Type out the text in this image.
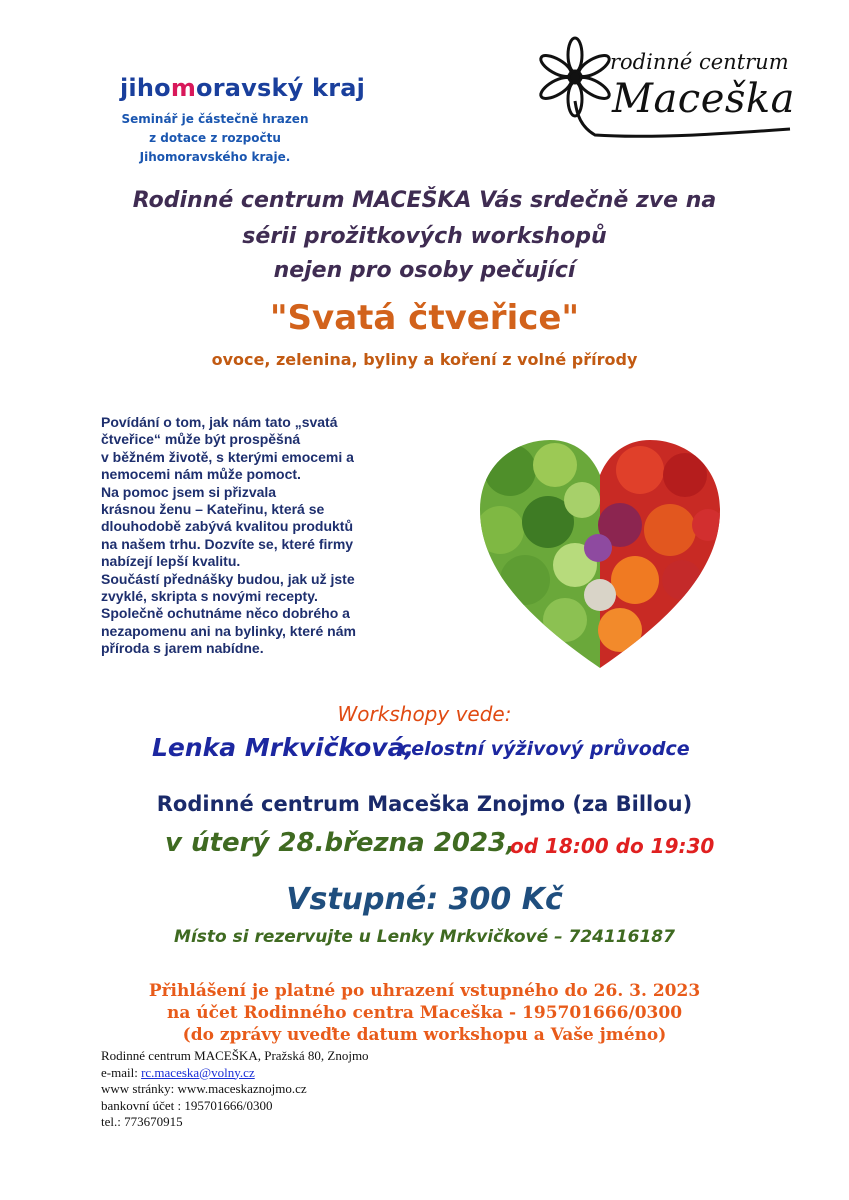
jihomoravský kraj
Seminář je částečně hrazen
z dotace z rozpočtu
Jihomoravského kraje.
rodinné centrum
Maceška
Rodinné centrum MACEŠKA Vás srdečně zve na
sérii prožitkových workshopů
nejen pro osoby pečující
"Svatá čtveřice"
ovoce, zelenina, byliny a koření z volné přírody
Povídání o tom, jak nám tato „svatá
čtveřice“ může být prospěšná
v běžném životě, s kterými emocemi a
nemocemi nám může pomoct.
Na pomoc jsem si přizvala
krásnou ženu – Kateřinu, která se
dlouhodobě zabývá kvalitou produktů
na našem trhu. Dozvíte se, které firmy
nabízejí lepší kvalitu.
Součástí přednášky budou, jak už jste
zvyklé, skripta s novými recepty.
Společně ochutnáme něco dobrého a
nezapomenu ani na bylinky, které nám
příroda s jarem nabídne.
Workshopy vede:
Lenka Mrkvičková,
celostní výživový průvodce
Rodinné centrum Maceška Znojmo (za Billou)
v úterý 28.března 2023,
od 18:00 do 19:30
Vstupné: 300 Kč
Místo si rezervujte u Lenky Mrkvičkové – 724116187
Přihlášení je platné po uhrazení vstupného do 26. 3. 2023
na účet Rodinného centra Maceška - 195701666/0300
(do zprávy uveďte datum workshopu a Vaše jméno)
Rodinné centrum MACEŠKA, Pražská 80, Znojmo
e-mail: rc.maceska@volny.cz
www stránky: www.maceskaznojmo.cz
bankovní účet : 195701666/0300
tel.: 773670915
